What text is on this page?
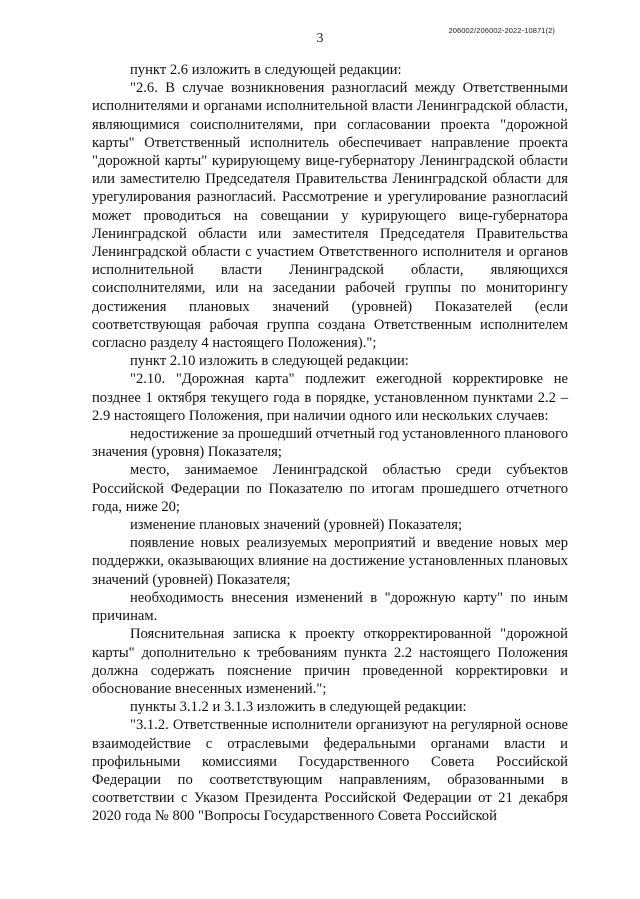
206002/206002-2022-10871(2)
3

пункт 2.6 изложить в следующей редакции:

"2.6. В случае возникновения разногласий между Ответственными исполнителями и органами исполнительной власти Ленинградской области, являющимися соисполнителями, при согласовании проекта "дорожной карты" Ответственный исполнитель обеспечивает направление проекта "дорожной карты" курирующему вице-губернатору Ленинградской области или заместителю Председателя Правительства Ленинградской области для урегулирования разногласий. Рассмотрение и урегулирование разногласий может проводиться на совещании у курирующего вице-губернатора Ленинградской области или заместителя Председателя Правительства Ленинградской области с участием Ответственного исполнителя и органов исполнительной власти Ленинградской области, являющихся соисполнителями, или на заседании рабочей группы по мониторингу достижения плановых значений (уровней) Показателей (если соответствующая рабочая группа создана Ответственным исполнителем согласно разделу 4 настоящего Положения).";

пункт 2.10 изложить в следующей редакции:

"2.10. "Дорожная карта" подлежит ежегодной корректировке не позднее 1 октября текущего года в порядке, установленном пунктами 2.2 – 2.9 настоящего Положения, при наличии одного или нескольких случаев:

недостижение за прошедший отчетный год установленного планового значения (уровня) Показателя;

место, занимаемое Ленинградской областью среди субъектов Российской Федерации по Показателю по итогам прошедшего отчетного года, ниже 20;

изменение плановых значений (уровней) Показателя;

появление новых реализуемых мероприятий и введение новых мер поддержки, оказывающих влияние на достижение установленных плановых значений (уровней) Показателя;

необходимость внесения изменений в "дорожную карту" по иным причинам.

Пояснительная записка к проекту откорректированной "дорожной карты" дополнительно к требованиям пункта 2.2 настоящего Положения должна содержать пояснение причин проведенной корректировки и обоснование внесенных изменений.";

пункты 3.1.2 и 3.1.3 изложить в следующей редакции:

"3.1.2. Ответственные исполнители организуют на регулярной основе взаимодействие с отраслевыми федеральными органами власти и профильными комиссиями Государственного Совета Российской Федерации по соответствующим направлениям, образованными в соответствии с Указом Президента Российской Федерации от 21 декабря 2020 года № 800 "Вопросы Государственного Совета Российской
